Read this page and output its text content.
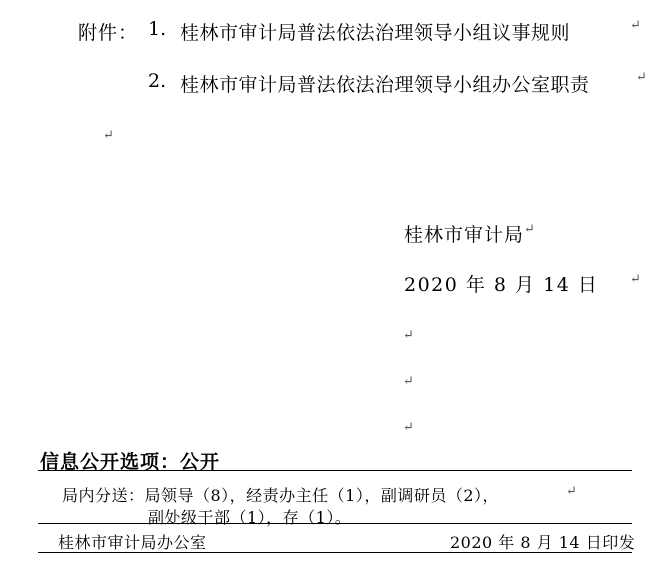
附件： 1. 桂林市审计局普法依法治理领导小组议事规则
2. 桂林市审计局普法依法治理领导小组办公室职责
↵
↵
↵
桂林市审计局 ↵
2020 年 8 月 14 日 ↵
↵
↵
↵
信息公开选项：公开
局内分送：局领导（8），经责办主任（1），副调研员（2），	↵
副处级干部（1），存（1）。
桂林市审计局办公室	2020 年 8 月 14 日印发
